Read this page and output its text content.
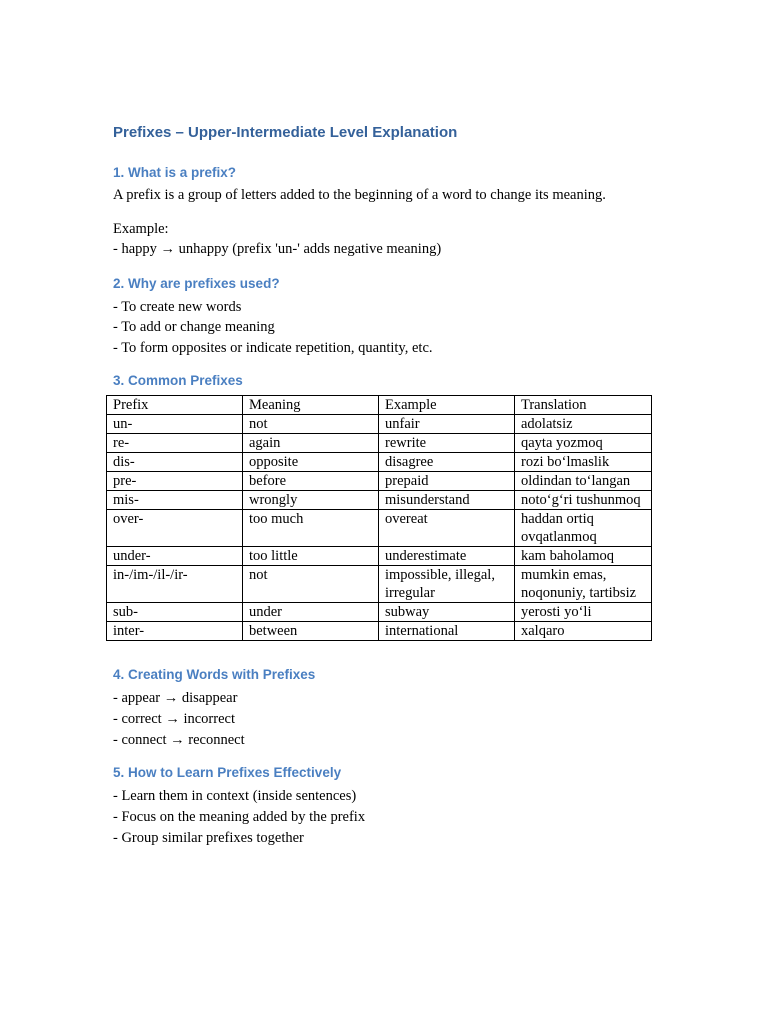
Prefixes – Upper-Intermediate Level Explanation
1. What is a prefix?

A prefix is a group of letters added to the beginning of a word to change its meaning.

Example:

- happy → unhappy (prefix 'un-' adds negative meaning)

2. Why are prefixes used?

- To create new words

- To add or change meaning

- To form opposites or indicate repetition, quantity, etc.

3. Common Prefixes
Prefix	Meaning	Example	Translation
un-	not	unfair	adolatsiz
re-	again	rewrite	qayta yozmoq
dis-	opposite	disagree	rozi bo‘lmaslik
pre-	before	prepaid	oldindan to‘langan
mis-	wrongly	misunderstand	noto‘g‘ri tushunmoq
over-	too much	overeat	haddan ortiq ovqatlanmoq
under-	too little	underestimate	kam baholamoq
in-/im-/il-/ir-	not	impossible, illegal, irregular	mumkin emas, noqonuniy, tartibsiz
sub-	under	subway	yerosti yo‘li
inter-	between	international	xalqaro
4. Creating Words with Prefixes

- appear → disappear

- correct → incorrect

- connect → reconnect

5. How to Learn Prefixes Effectively

- Learn them in context (inside sentences)

- Focus on the meaning added by the prefix

- Group similar prefixes together
